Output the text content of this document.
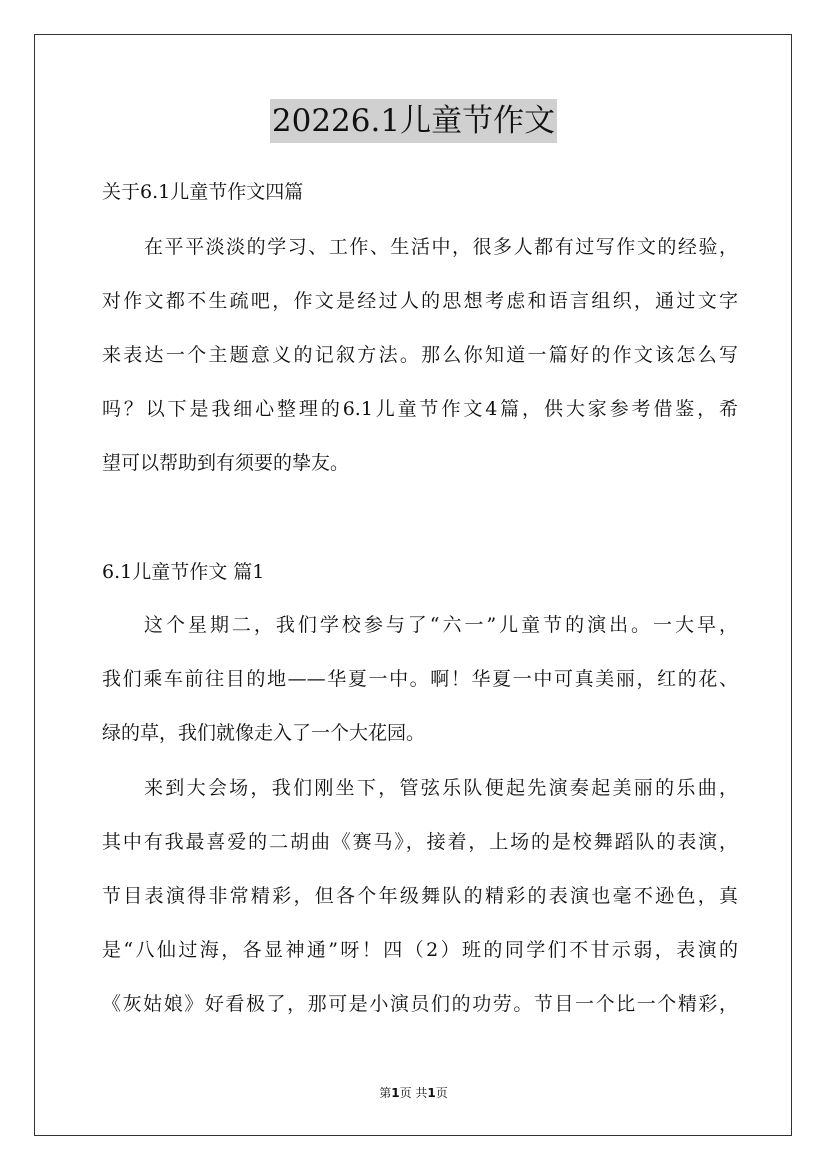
20226.1儿童节作文
关于6.1儿童节作文四篇
在平平淡淡的学习、工作、生活中，很多人都有过写作文的经验，
对作文都不生疏吧，作文是经过人的思想考虑和语言组织，通过文字
来表达一个主题意义的记叙方法。那么你知道一篇好的作文该怎么写
吗？以下是我细心整理的6.1儿童节作文4篇，供大家参考借鉴，希
望可以帮助到有须要的挚友。
6.1儿童节作文 篇1
这个星期二，我们学校参与了“六一”儿童节的演出。一大早，
我们乘车前往目的地——华夏一中。啊！华夏一中可真美丽，红的花、
绿的草，我们就像走入了一个大花园。
来到大会场，我们刚坐下，管弦乐队便起先演奏起美丽的乐曲，
其中有我最喜爱的二胡曲《赛马》，接着，上场的是校舞蹈队的表演，
节目表演得非常精彩，但各个年级舞队的精彩的表演也毫不逊色，真
是“八仙过海，各显神通”呀！四（2）班的同学们不甘示弱，表演的
《灰姑娘》好看极了，那可是小演员们的功劳。节目一个比一个精彩，
第1页 共1页
